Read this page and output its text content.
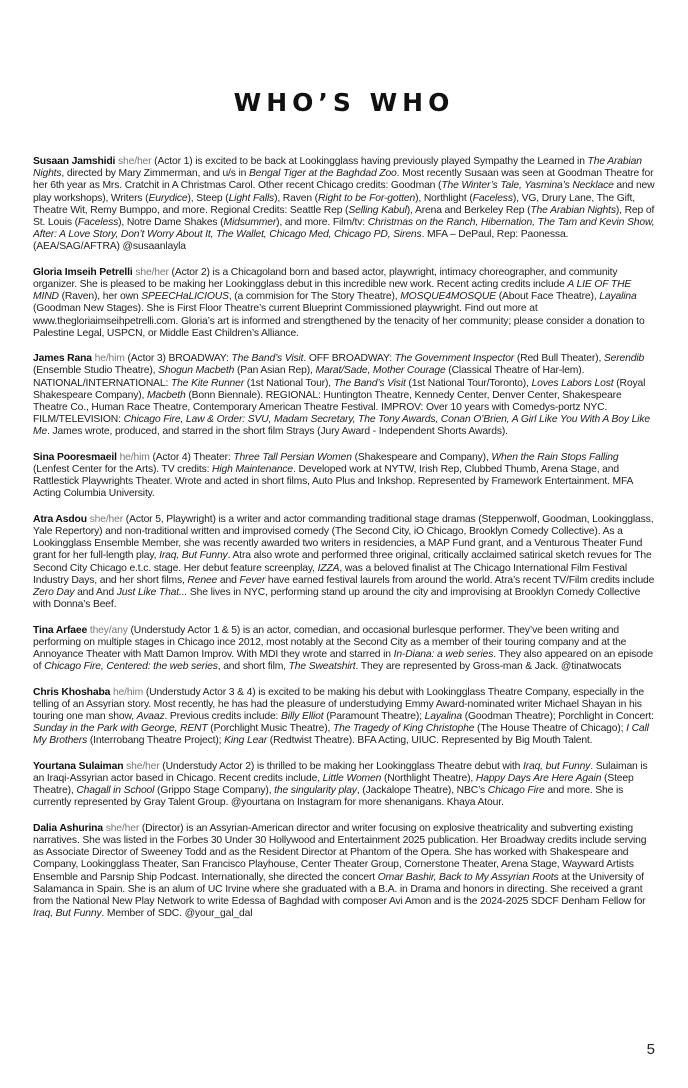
WHO’S WHO

Susaan Jamshidi she/her (Actor 1) is excited to be back at Lookingglass having previously played Sympathy the Learned in The Arabian Nights, directed by Mary Zimmerman, and u/s in Bengal Tiger at the Baghdad Zoo. Most recently Susaan was seen at Goodman Theatre for her 6th year as Mrs. Cratchit in A Christmas Carol. Other recent Chicago credits: Goodman (The Winter’s Tale, Yasmina’s Necklace and new play workshops), Writers (Eurydice), Steep (Light Falls), Raven (Right to be For-gotten), Northlight (Faceless), VG, Drury Lane, The Gift, Theatre Wit, Remy Bumppo, and more. Regional Credits: Seattle Rep (Selling Kabul), Arena and Berkeley Rep (The Arabian Nights), Rep of St. Louis (Faceless), Notre Dame Shakes (Midsummer), and more. Film/tv: Christmas on the Ranch, Hibernation, The Tam and Kevin Show, After: A Love Story, Don’t Worry About It, The Wallet, Chicago Med, Chicago PD, Sirens. MFA – DePaul, Rep: Paonessa. (AEA/SAG/AFTRA) @susaanlayla

Gloria Imseih Petrelli she/her (Actor 2) is a Chicagoland born and based actor, playwright, intimacy choreographer, and community organizer. She is pleased to be making her Lookingglass debut in this incredible new work. Recent acting credits include A LIE OF THE MIND (Raven), her own SPEECHaLICIOUS, (a commision for The Story Theatre), MOSQUE4MOSQUE (About Face Theatre), Layalina (Goodman New Stages). She is First Floor Theatre’s current Blueprint Commissioned playwright. Find out more at www.thegloriaimseihpetrelli.com. Gloria’s art is informed and strengthened by the tenacity of her community; please consider a donation to Palestine Legal, USPCN, or Middle East Children’s Alliance.

James Rana he/him (Actor 3) BROADWAY: The Band’s Visit. OFF BROADWAY: The Government Inspector (Red Bull Theater), Serendib (Ensemble Studio Theatre), Shogun Macbeth (Pan Asian Rep), Marat/Sade, Mother Courage (Classical Theatre of Har-lem). NATIONAL/INTERNATIONAL: The Kite Runner (1st National Tour), The Band’s Visit (1st National Tour/Toronto), Loves Labors Lost (Royal Shakespeare Company), Macbeth (Bonn Biennale). REGIONAL: Huntington Theatre, Kennedy Center, Denver Center, Shakespeare Theatre Co., Human Race Theatre, Contemporary American Theatre Festival. IMPROV: Over 10 years with Comedys-portz NYC. FILM/TELEVISION: Chicago Fire, Law & Order: SVU, Madam Secretary, The Tony Awards, Conan O’Brien, A Girl Like You With A Boy Like Me. James wrote, produced, and starred in the short film Strays (Jury Award - Independent Shorts Awards).

Sina Pooresmaeil he/him (Actor 4) Theater: Three Tall Persian Women (Shakespeare and Company), When the Rain Stops Falling (Lenfest Center for the Arts). TV credits: High Maintenance. Developed work at NYTW, Irish Rep, Clubbed Thumb, Arena Stage, and Rattlestick Playwrights Theater. Wrote and acted in short films, Auto Plus and Inkshop. Represented by Framework Entertainment. MFA Acting Columbia University.

Atra Asdou she/her (Actor 5, Playwright) is a writer and actor commanding traditional stage dramas (Steppenwolf, Goodman, Lookingglass, Yale Repertory) and non-traditional written and improvised comedy (The Second City, iO Chicago, Brooklyn Comedy Collective). As a Lookingglass Ensemble Member, she was recently awarded two writers in residencies, a MAP Fund grant, and a Venturous Theater Fund grant for her full-length play, Iraq, But Funny. Atra also wrote and performed three original, critically acclaimed satirical sketch revues for The Second City Chicago e.t.c. stage. Her debut feature screenplay, IZZA, was a beloved finalist at The Chicago International Film Festival Industry Days, and her short films, Renee and Fever have earned festival laurels from around the world. Atra’s recent TV/Film credits include Zero Day and And Just Like That... She lives in NYC, performing stand up around the city and improvising at Brooklyn Comedy Collective with Donna’s Beef.

Tina Arfaee they/any (Understudy Actor 1 & 5) is an actor, comedian, and occasional burlesque performer. They’ve been writing and performing on multiple stages in Chicago ince 2012, most notably at the Second City as a member of their touring company and at the Annoyance Theater with Matt Damon Improv. With MDI they wrote and starred in In-Diana: a web series. They also appeared on an episode of Chicago Fire, Centered: the web series, and short film, The Sweatshirt. They are represented by Gross-man & Jack. @tinatwocats

Chris Khoshaba he/him (Understudy Actor 3 & 4) is excited to be making his debut with Lookingglass Theatre Company, especially in the telling of an Assyrian story. Most recently, he has had the pleasure of understudying Emmy Award-nominated writer Michael Shayan in his touring one man show, Avaaz. Previous credits include: Billy Elliot (Paramount Theatre); Layalina (Goodman Theatre); Porchlight in Concert: Sunday in the Park with George, RENT (Porchlight Music Theatre), The Tragedy of King Christophe (The House Theatre of Chicago); I Call My Brothers (Interrobang Theatre Project); King Lear (Redtwist Theatre). BFA Acting, UIUC. Represented by Big Mouth Talent.

Yourtana Sulaiman she/her (Understudy Actor 2) is thrilled to be making her Lookingglass Theatre debut with Iraq, but Funny. Sulaiman is an Iraqi-Assyrian actor based in Chicago. Recent credits include, Little Women (Northlight Theatre), Happy Days Are Here Again (Steep Theatre), Chagall in School (Grippo Stage Company), the singularity play, (Jackalope Theatre), NBC’s Chicago Fire and more. She is currently represented by Gray Talent Group. @yourtana on Instagram for more shenanigans. Khaya Atour.

Dalia Ashurina she/her (Director) is an Assyrian-American director and writer focusing on explosive theatricality and subverting existing narratives. She was listed in the Forbes 30 Under 30 Hollywood and Entertainment 2025 publication. Her Broadway credits include serving as Associate Director of Sweeney Todd and as the Resident Director at Phantom of the Opera. She has worked with Shakespeare and Company, Lookingglass Theater, San Francisco Playhouse, Center Theater Group, Cornerstone Theater, Arena Stage, Wayward Artists Ensemble and Parsnip Ship Podcast. Internationally, she directed the concert Omar Bashir, Back to My Assyrian Roots at the University of Salamanca in Spain. She is an alum of UC Irvine where she graduated with a B.A. in Drama and honors in directing. She received a grant from the National New Play Network to write Edessa of Baghdad with composer Avi Amon and is the 2024-2025 SDCF Denham Fellow for Iraq, But Funny. Member of SDC. @your_gal_dal

5
